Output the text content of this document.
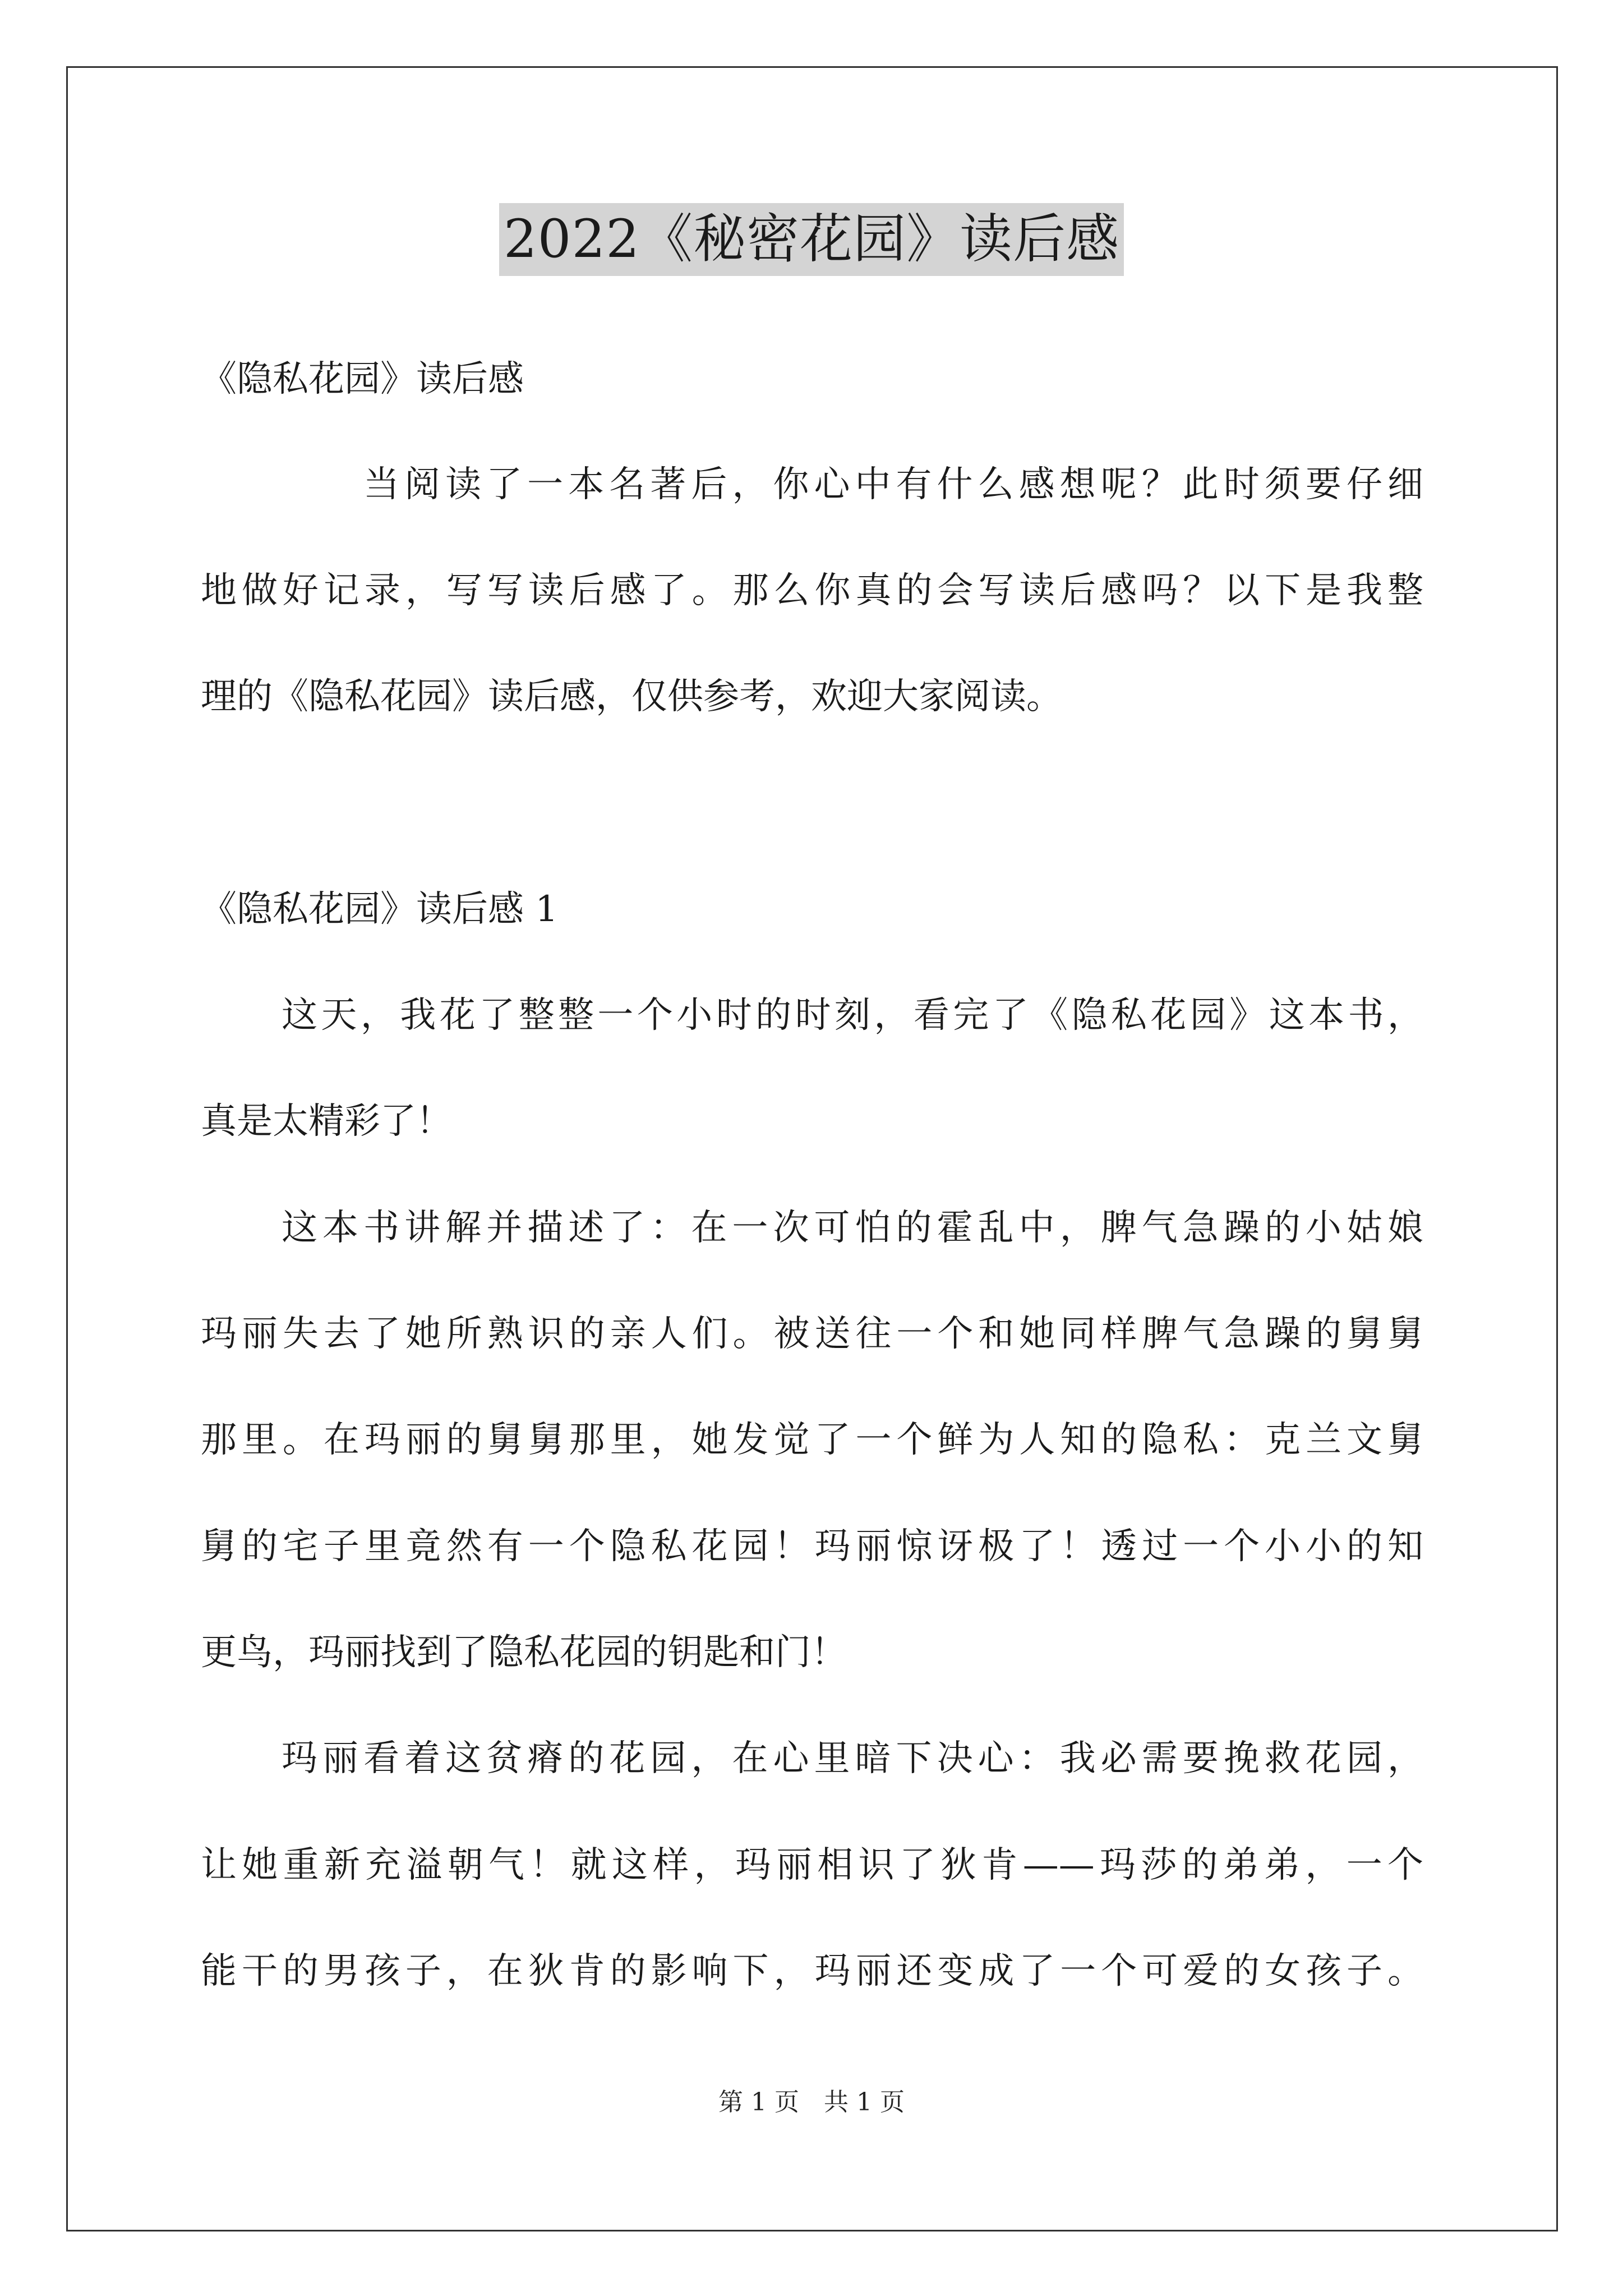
2022《秘密花园》读后感
《隐私花园》读后感
当阅读了一本名著后，你心中有什么感想呢？此时须要仔细
地做好记录，写写读后感了。那么你真的会写读后感吗？以下是我整
理的《隐私花园》读后感，仅供参考，欢迎大家阅读。
《隐私花园》读后感 1
这天，我花了整整一个小时的时刻，看完了《隐私花园》这本书，
真是太精彩了！
这本书讲解并描述了：在一次可怕的霍乱中，脾气急躁的小姑娘
玛丽失去了她所熟识的亲人们。被送往一个和她同样脾气急躁的舅舅
那里。在玛丽的舅舅那里，她发觉了一个鲜为人知的隐私：克兰文舅
舅的宅子里竟然有一个隐私花园！玛丽惊讶极了！透过一个小小的知
更鸟，玛丽找到了隐私花园的钥匙和门！
玛丽看着这贫瘠的花园，在心里暗下决心：我必需要挽救花园，
让她重新充溢朝气！就这样，玛丽相识了狄肯——玛莎的弟弟，一个
能干的男孩子，在狄肯的影响下，玛丽还变成了一个可爱的女孩子。
第 1 页　共 1 页
